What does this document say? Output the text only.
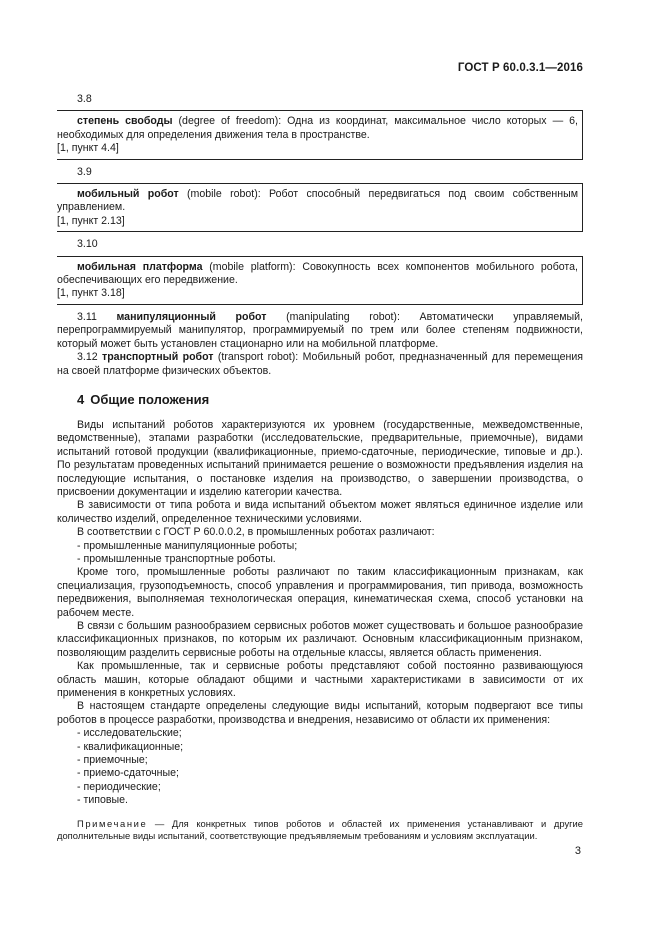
ГОСТ Р 60.0.3.1—2016

3.8

степень свободы (degree of freedom): Одна из координат, максимальное число которых — 6, необходимых для определения движения тела в пространстве.

[1, пункт 4.4]

3.9

мобильный робот (mobile robot): Робот способный передвигаться под своим собственным управлением.

[1, пункт 2.13]

3.10

мобильная платформа (mobile platform): Совокупность всех компонентов мобильного робота, обеспечивающих его передвижение.

[1, пункт 3.18]

3.11 манипуляционный робот (manipulating robot): Автоматически управляемый, перепрограммируемый манипулятор, программируемый по трем или более степеням подвижности, который может быть установлен стационарно или на мобильной платформе.

3.12 транспортный робот (transport robot): Мобильный робот, предназначенный для перемещения на своей платформе физических объектов.

4 Общие положения

Виды испытаний роботов характеризуются их уровнем (государственные, межведомственные, ведомственные), этапами разработки (исследовательские, предварительные, приемочные), видами испытаний готовой продукции (квалификационные, приемо-сдаточные, периодические, типовые и др.). По результатам проведенных испытаний принимается решение о возможности предъявления изделия на последующие испытания, о постановке изделия на производство, о завершении производства, о присвоении документации и изделию категории качества.

В зависимости от типа робота и вида испытаний объектом может являться единичное изделие или количество изделий, определенное техническими условиями.

В соответствии с ГОСТ Р 60.0.0.2, в промышленных роботах различают:

- промышленные манипуляционные роботы;
- промышленные транспортные роботы.

Кроме того, промышленные роботы различают по таким классификационным признакам, как специализация, грузоподъемность, способ управления и программирования, тип привода, возможность передвижения, выполняемая технологическая операция, кинематическая схема, способ установки на рабочем месте.

В связи с большим разнообразием сервисных роботов может существовать и большое разнообразие классификационных признаков, по которым их различают. Основным классификационным признаком, позволяющим разделить сервисные роботы на отдельные классы, является область применения.

Как промышленные, так и сервисные роботы представляют собой постоянно развивающуюся область машин, которые обладают общими и частными характеристиками в зависимости от их применения в конкретных условиях.

В настоящем стандарте определены следующие виды испытаний, которым подвергают все типы роботов в процессе разработки, производства и внедрения, независимо от области их применения:

- исследовательские;
- квалификационные;
- приемочные;
- приемо-сдаточные;
- периодические;
- типовые.

Примечание — Для конкретных типов роботов и областей их применения устанавливают и другие дополнительные виды испытаний, соответствующие предъявляемым требованиям и условиям эксплуатации.

3
